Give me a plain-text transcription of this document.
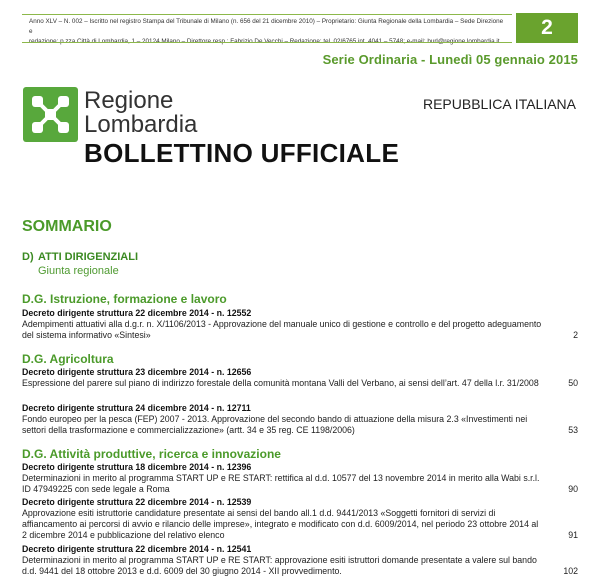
Anno XLV – N. 002 – Iscritto nel registro Stampa del Tribunale di Milano (n. 656 del 21 dicembre 2010) – Proprietario: Giunta Regionale della Lombardia – Sede Direzione e	2
Serie Ordinaria - Lunedì 05 gennaio 2015
Regione
Lombardia
REPUBBLICA ITALIANA
BOLLETTINO UFFICIALE
SOMMARIO
D) ATTI DIRIGENZIALI
Giunta regionale
D.G. Istruzione, formazione e lavoro
Decreto dirigente struttura 22 dicembre 2014 - n. 12552
Adempimenti attuativi alla d.g.r. n. X/1106/2013 - Approvazione del manuale unico di gestione e controllo e del progetto adeguamento del sistema informativo «Sintesi»	2
D.G. Agricoltura
Decreto dirigente struttura 23 dicembre 2014 - n. 12656
Espressione del parere sul piano di indirizzo forestale della comunità montana Valli del Verbano, ai sensi dell’art. 47 della l.r. 31/2008	50
Decreto dirigente struttura 24 dicembre 2014 - n. 12711
Fondo europeo per la pesca (FEP) 2007 - 2013. Approvazione del secondo bando di attuazione della misura 2.3 «Investimenti nei settori della trasformazione e commercializzazione» (artt. 34 e 35 reg. CE 1198/2006)	53
D.G. Attività produttive, ricerca e innovazione
Decreto dirigente struttura 18 dicembre 2014 - n. 12396
Determinazioni in merito al programma START UP e RE START: rettifica al d.d. 10577 del 13 novembre 2014 in merito alla Wabi s.r.l. ID 47949225 con sede legale a Roma	90
Decreto dirigente struttura 22 dicembre 2014 - n. 12539
Approvazione esiti istruttorie candidature presentate ai sensi del bando all.1 d.d. 9441/2013 «Soggetti fornitori di servizi di affiancamento ai percorsi di avvio e rilancio delle imprese», integrato e modificato con d.d. 6009/2014, nel periodo 23 ottobre 2014 al 2 dicembre 2014 e pubblicazione del relativo elenco	91
Decreto dirigente struttura 22 dicembre 2014 - n. 12541
Determinazioni in merito al programma START UP e RE START: approvazione esiti istruttori domande presentate a valere sul bando d.d. 9441 del 18 ottobre 2013 e d.d. 6009 del 30 giugno 2014 - XII provvedimento.	102
